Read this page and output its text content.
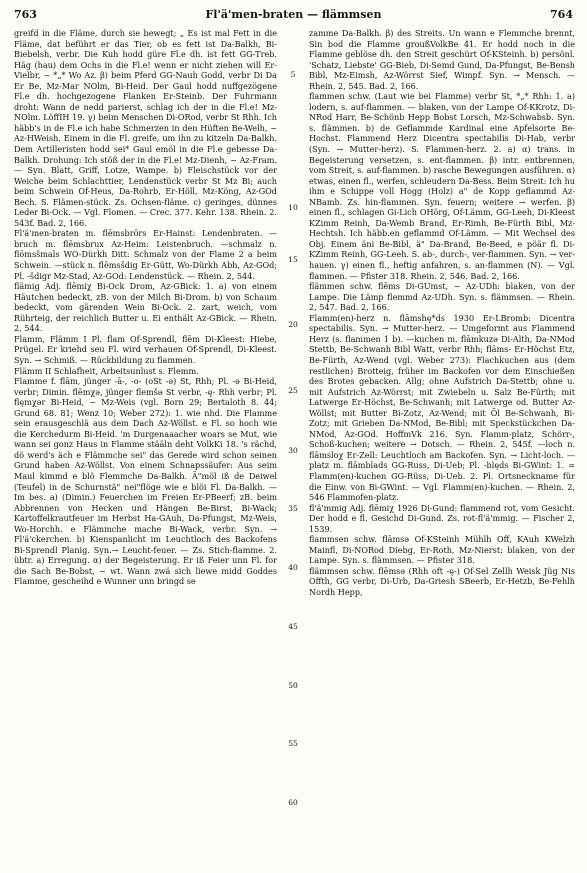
763	Fl'ä'men-braten — flämmsen	764

greifd in die Fläme, durch sie bewegt; „ Es ist mal Fett in die Fläme, dat beführt er das Tier, ob es fett ist Da-Balkh, Bi-Biebelsh, verbr. Die Kuh hodd güre Fl.e dh. ist fett GG-Treb. Häg (hau) dem Ochs in die Fl.e! wenn er nicht ziehen will Er-Vielbr, ~ *„* Wo Az. β) beim Pferd GG-Nauh Godd, verbr Di Da Er Be, Mz-Mar NOlm, Bi-Heid. Der Gaul hodd nuffgezögene Fl.e dh. hochgezogene Flanken Er-Steinb. Der Fuhrmann droht: Wann de nedd parierst, schlag ich der in die Fl.e! Mz-NOlm. LöffIH 19. γ) beim Menschen Di-ORod, verbr St Rhh. Ich häbb's in de Fl.e ich habe Schmerzen in den Hüften Be-Welh, ~ Az-HWeish. Einem in die Fl. greife, um ihn zu kitzeln Da-Balkh. Dem Artilleristen hodd sei* Gaul emöl in die Fl.e gebesse Da-Balkh. Drohung: Ich stöß der in die Fl.e! Mz-Dienh, ~ Az-Fram. — Syn. Blatt, Griff, Lotze, Wampe. b) Fleischstück vor der Weiche beim Schlachttier, Lendenstück verbr St Mz Bi; auch beim Schwein Of-Heus, Da-Rohrb, Er-Höll, Mz-Köng, Az-GOd Bech. S. Flämen-stück. Zs. Ochsen-fläme. c) geringes, dünnes Leder Bi-Ock. — Vgl. Flomen. — Crec. 377. Kehr. 138. Rhein. 2. 543f. Bad. 2, 166.

Fl'ä'men-braten m. flēmsbrōrs Er-Hainst: Lendenbraten. —bruch m. flēmsbrux Az-Heim: Leistenbruch. —schmalz n. flōmsšmals WO-Dürkh Ditt: Schmalz von der Flame 2 a beim Schwein. —stück n. flēmsšdig Er-Gütt, Wo-Dürkh Abh, Az-GOd; Pl. -šdigr Mz-Stad, Az-GOd: Lendenstück. — Rhein. 2, 544.

flämig Adj. flēmiχ Bi-Ock Drom, Az-GBick: 1. a) von einem Häutchen bedeckt, zB. von der Milch Bi-Drom. b) von Schaum bedeckt, vom gärenden Wein Bi-Ock. 2. zart, weich, vom Rührteig, der reichlich Butter u. Ei enthält Az-GBick. — Rhein. 2, 544.

Flamm, Flämm I Pl. flam Of-Sprendl, flēm Di-Kleest: Hiebe, Prügel. Er kriehd seu Fl. wird verhauen Of-Sprendl, Di-Kleest. Syn. → Schmiß. — Rückbildung zu flammen.

Flämm II Schlafheit, Arbeitsunlust s. Flemm.

Flamme f. flām, jünger -ā-, -o- (oSt -ə) St, Rhh; Pl. -ə Bi-Heid, verbr; Dimin. flēmχə, jünger flemšə St verbr, -ę- Rhh verbr; Pl. flęmχər Bi-Heid, ~ Mz-Weis (vgl. Born 29; Bertaloth 8. 44; Grund 68. 81; Wenz 10; Weber 272): 1. wie nhd. Die Flamme sein erausgeschlä aus dem Dach Az-Wöllst. e Fl. so hoch wie die Kerchedurm Bi-Heid. 'm Durgenaaacher woars se Mut, wie wann sei gonz Haus in Flamme stääln deht VolkKi 18. 's rächd, dö werd's äch e Flämmche sei" das Gerede wird schon seinen Grund haben Az-Wöllst. Von einem Schnapssäufer: Aus seim Maul kimmd e blö Flemmche Da-Balkh. Ä"möl iß de Deiwel (Teufel) in de Schurnstä" nei"flöge wie e blöi Fl. Da-Balkh. — Im bes. a) (Dimin.) Feuerchen im Freien Er-PBeerf; zB. beim Abbrennen von Hecken und Hängen Be-Birst, Bi-Wack; Kartoffelkrautfeuer im Herbst Ha-GAuh, Da-Pfungst, Mz-Weis, Wo-Horchh. e Flämmche mache Bi-Wack, verbr. Syn. → Fl'ä'ckerchen. b) Kienspanlicht im Leuchtloch des Backofens Bi-Sprendl Planig. Syn.→ Leucht-feuer. — Zs. Stich-flamme. 2. übtr. a) Erregung. α) der Begeisterung. Er iß Feier unn Fl. for die Sach Be-Bobst, ~ wt. Wann zwä sich liewe midd Goddes Flamme, gescheihd e Wunner unn bringd se

5
10
15
20
25
30
35
40
45
50
55
60

zamme Da-Balkh. β) des Streits. Un wann e Flemmche brennt, Sin bod die Flamme groußVolkBe 41. Er hodd noch in die Flamme geblöse dh. den Streit geschürt Of-KSteinh. b) persönl. 'Schatz, Liebste' GG-Bieb, Di-Semd Gund, Da-Pfungst, Be-Bensh Bibl, Mz-Eimsh, Az-Wörrst Sief, Wimpf. Syn. → Mensch. — Rhein. 2, 545. Bad. 2, 166.

flammen schw. (Laut wie bei Flamme) verbr St, *„* Rhh: 1. a) lodern, s. auf-flammen. — blaken, von der Lampe Of-KKrotz, Di-NRod Harr, Be-Schönb Hepp Bobst Lorsch, Mz-Schwabsb. Syn. s. flämmen. b) de Geflammde Kardinal eine Apfelsorte Be-Hochst. Flammend Herz Dicentra spectabilis Di-Hab, verbr (Syn. → Mutter-herz). S. Flammen-herz. 2. a) α) trans. in Begeisterung versetzen, s. ent-flammen. β) intr. entbrennen, vom Streit, s. auf-flammen. b) rasche Bewegungen ausführen. α) etwas, einen fl., werfen, schleudern Da-Bess. Beim Streit: Ich hu ihm e Schippe voll Hogg (Holz) a" de Kopp geflammd Az-NBamb. Zs. hin-flammen. Syn. feuern; weitere → werfen. β) einen fl., schlagen Gi-Lich OHörg, Of-Lämm, GG-Leeh, Di-Kleest KZimm Reinh, Da-Wemb Brand, Er-Rimh, Be-Fürth Bibl, Mz-Hechtsh. Ich häbb.en geflammd Of-Lämm. — Mit Wechsel des Obj. Einem äni Be-Bibl, ä" Da-Brand, Be-Beed, e pöär fl. Di-KZimm Reinh, GG-Leeh. S. ab-, durch-, ver-flammen. Syn. → ver-hauen. γ) einen fl., heftig anfahren, s. an-flammen (N). — Vgl. flammen. — Pfister 318. Rhein. 2, 546. Bad. 2, 166.

flämmen schw. flēms Di-GUmst, ~ Az-UDh: blaken, von der Lampe. Die Lämp flemmd Az-UDh. Syn. s. flämmsen. — Rhein. 2, 547. Bad. 2, 166.

Flamm(en)-herz n. flāmshę*ds 1930 Er-LBromb: Dicentra spectabilis. Syn. → Mutter-herz. — Umgeformt aus Flammend Herz (s. flammen 1 b). —kuchen m. flāmkuzə Di-Alth, Da-NMod Stettb, Be-Schwanh Bibl Watt, verbr Rhh; flāms- Er-Höchst Etz, Be-Fürth, Az-Wend (vgl. Weber 273): Flachkuchen aus (dem restlichen) Brotteig, früher im Backofen vor dem Einschießen des Brotes gebacken. Allg; ohne Aufstrich Da-Stettb; ohne u. mit Aufstrich Az-Wörrst; mit Zwiebeln u. Salz Be-Fürth; mit Latwerge Er-Höchst, Be-Schwanh; mit Latwerge od. Butter Az-Wöllst; mit Butter Bi-Zotz, Az-Wend; mit Öl Be-Schwanh, Bi-Zotz; mit Grieben Da-NMod, Be-Bibl; mit Speckstückchen Da-NMod, Az-GOd. HoffmVk 216. Syn. Flamm-platz, Schörr-, Schoß-kuchen; weitere → Dotsch. — Rhein. 2, 545f. —loch n. flāmsloχ Er-Zell: Leuchtloch am Backofen. Syn. → Licht-loch. —platz m. flāmblads GG-Russ, Di-Ueb; Pl. -blęds Bi-GWint: 1. = Flamm(en)-kuchen GG-Rüss, Di-Ueb. 2. Pl. Ortsneckname für die Einw. von Bi-GWint. — Vgl. Flamm(en)-kuchen. — Rhein. 2, 546 Flammofen-platz.

fl'ä'mmig Adj. flēmiχ 1926 Di-Gund: flammend rot, vom Gesicht. Der hodd e fl. Gesichd Di-Gund. Zs. rot-fl'ä'mmig. — Fischer 2, 1539.

flammsen schw. flāmsə Of-KSteinh Mühlh Off, KAuh KWelzh Mainfl, Di-NORod Diebg, Er-Roth, Mz-Nierst: blaken, von der Lampe. Syn. s. flämmsen. — Pfister 318.

flämmsen schw. flēmsə (Rhh oft -ę-) Of-Sel Zellh Weisk Jüg Nis Offth, GG verbr, Di-Urb, Da-Griesh SBeerb, Er-Hetzb, Be-Fehlh Nordh Hepp,
